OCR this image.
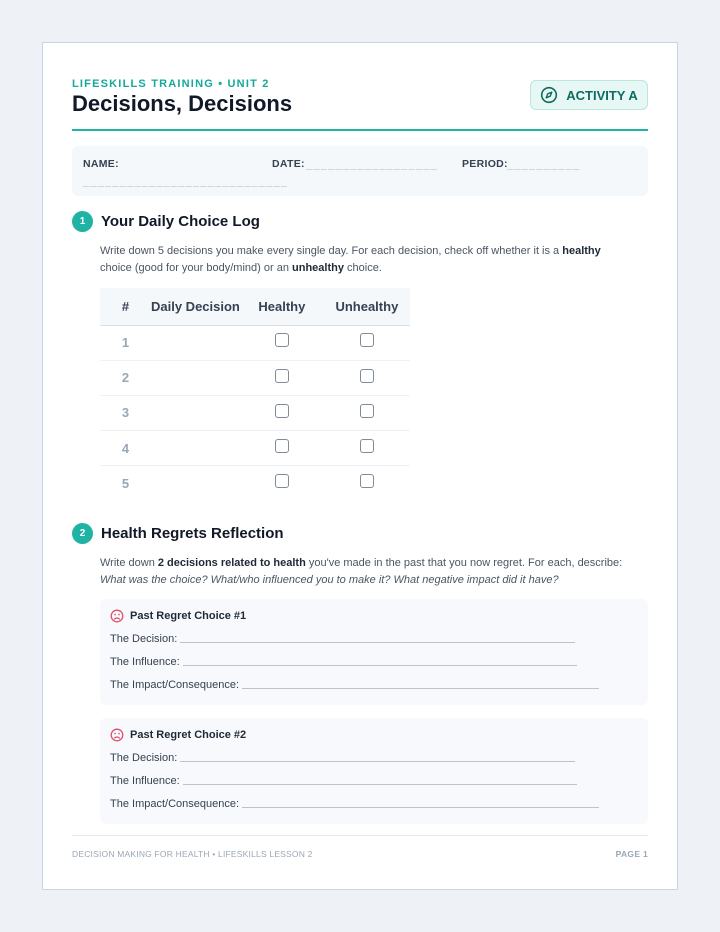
LIFESKILLS TRAINING • UNIT 2
Decisions, Decisions	ACTIVITY A
NAME:
____________________________
DATE: __________________ PERIOD: __________
1	Your Daily Choice Log
Write down 5 decisions you make every single day. For each decision, check off whether it is a healthy
choice (good for your body/mind) or an unhealthy choice.
#	Daily Decision	Healthy	Unhealthy
1			
2			
3			
4			
5			
2	Health Regrets Reflection
Write down 2 decisions related to health you've made in the past that you now regret. For each, describe:
What was the choice? What/who influenced you to make it? What negative impact did it have?
Past Regret Choice #1
The Decision:
The Influence:
The Impact/Consequence:
Past Regret Choice #2
The Decision:
The Influence:
The Impact/Consequence:
DECISION MAKING FOR HEALTH • LIFESKILLS LESSON 2	PAGE 1
